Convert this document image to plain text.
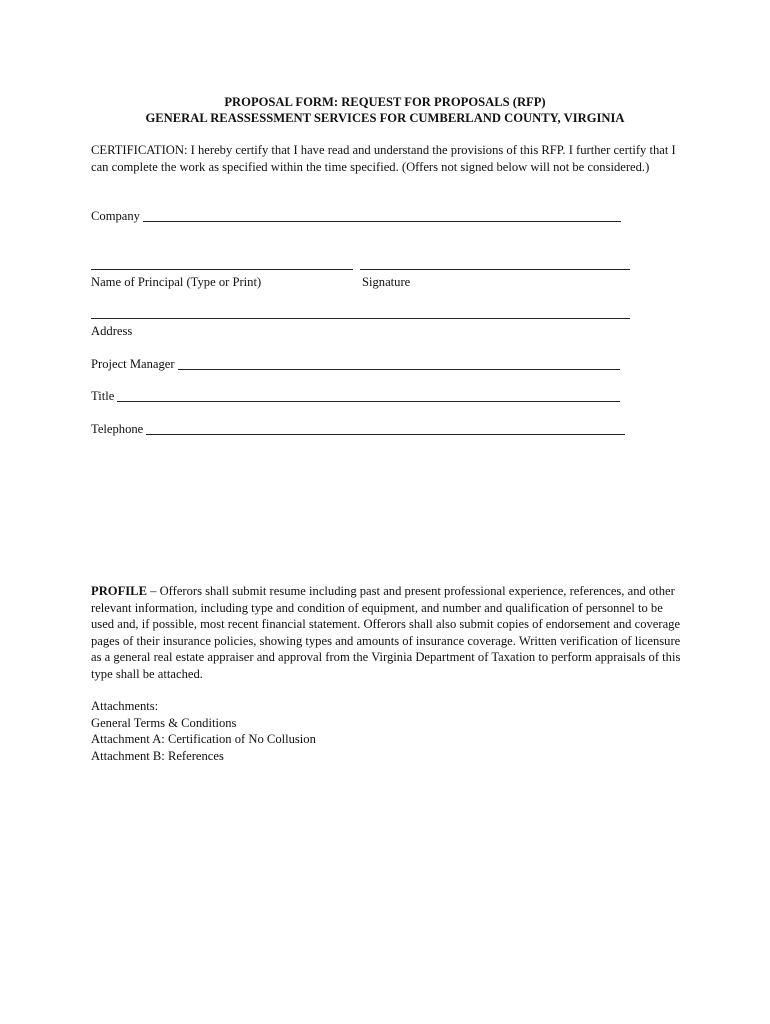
PROPOSAL FORM: REQUEST FOR PROPOSALS (RFP)
GENERAL REASSESSMENT SERVICES FOR CUMBERLAND COUNTY, VIRGINIA
CERTIFICATION: I hereby certify that I have read and understand the provisions of this RFP. I further certify that I can complete the work as specified within the time specified. (Offers not signed below will not be considered.)
Company
Name of Principal (Type or Print)	Signature
Address
Project Manager
Title
Telephone
PROFILE – Offerors shall submit resume including past and present professional experience, references, and other relevant information, including type and condition of equipment, and number and qualification of personnel to be used and, if possible, most recent financial statement. Offerors shall also submit copies of endorsement and coverage pages of their insurance policies, showing types and amounts of insurance coverage. Written verification of licensure as a general real estate appraiser and approval from the Virginia Department of Taxation to perform appraisals of this type shall be attached.
Attachments:
General Terms & Conditions
Attachment A: Certification of No Collusion
Attachment B: References
